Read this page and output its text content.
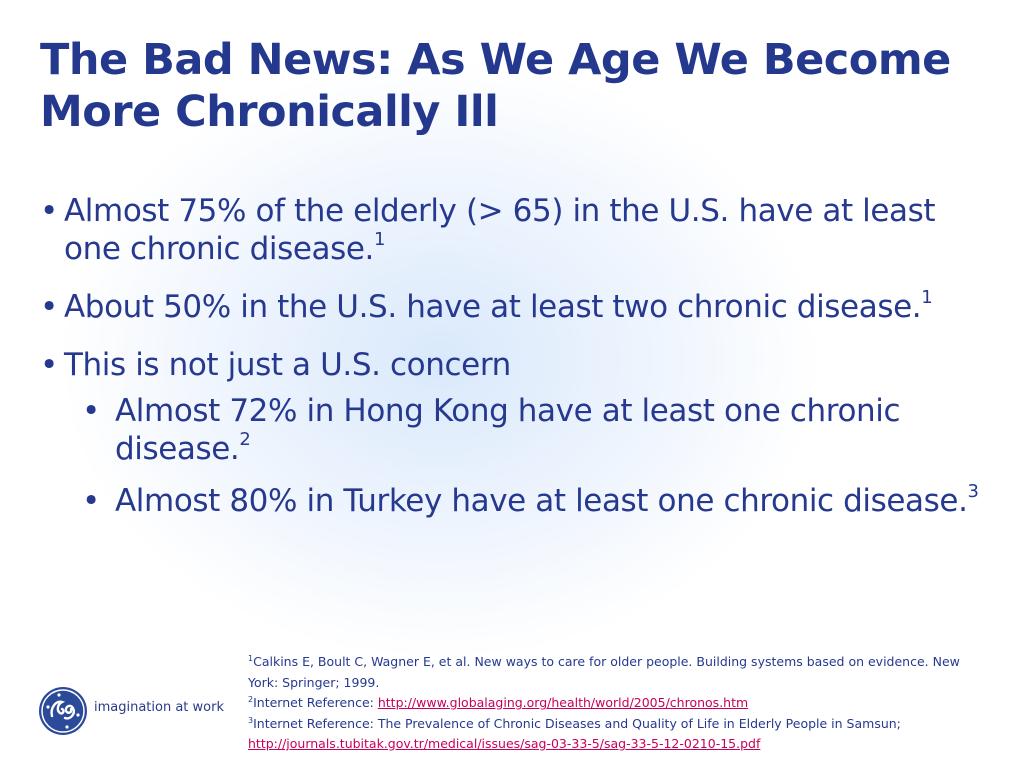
The Bad News: As We Age We Become More Chronically Ill
• Almost 75% of the elderly (> 65) in the U.S. have at least one chronic disease.$^1$
• About 50% in the U.S. have at least two chronic disease.$^1$
• This is not just a U.S. concern
• Almost 72% in Hong Kong have at least one chronic disease.$^2$
• Almost 80% in Turkey have at least one chronic disease.$^3$
imagination at work
$^1$Calkins E, Boult C, Wagner E, et al. New ways to care for older people. Building systems based on evidence. New York: Springer; 1999.
$^2$Internet Reference: http://www.globalaging.org/health/world/2005/chronos.htm
$^3$Internet Reference: The Prevalence of Chronic Diseases and Quality of Life in Elderly People in Samsun; http://journals.tubitak.gov.tr/medical/issues/sag-03-33-5/sag-33-5-12-0210-15.pdf
